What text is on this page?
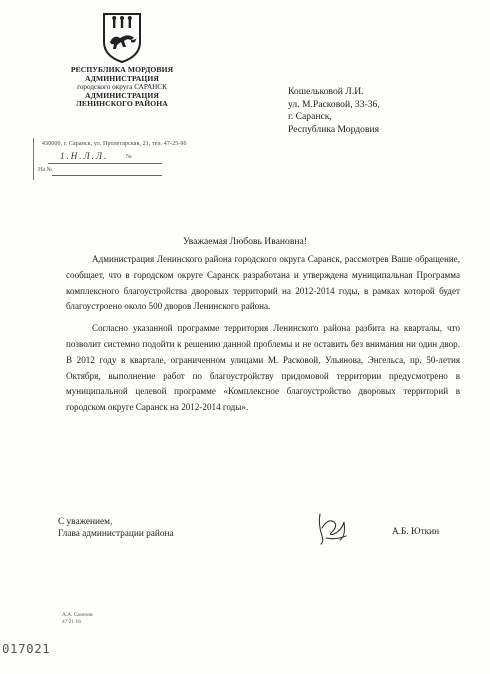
РЕСПУБЛИКА МОРДОВИЯ
АДМИНИСТРАЦИЯ
городского округа САРАНСК
АДМИНИСТРАЦИЯ
ЛЕНИНСКОГО РАЙОНА
430000, г. Саранск, ул. Пролетарская, 21, тел. 47-25-96
1.Н.Л.Л.	№
На №
Кошельковой Л.И.
ул. М.Расковой, 33-36,
г. Саранск,
Республика Мордовия
Уважаемая Любовь Ивановна!

Администрация Ленинского района городского округа Саранск, рассмотрев Ваше обращение, сообщает, что в городском округе Саранск разработана и утверждена муниципальная Программа комплексного благоустройства дворовых территорий на 2012-2014 годы, в рамках которой будет благоустроено около 500 дворов Ленинского района.

Согласно указанной программе территория Ленинского района разбита на кварталы, что позволит системно подойти к решению данной проблемы и не оставить без внимания ни один двор. В 2012 году в квартале, ограниченном улицами М. Расковой, Ульянова, Энгельса, пр. 50-летия Октября, выполнение работ по благоустройству придомовой территории предусмотрено в муниципальной целевой программе «Комплексное благоустройство дворовых территорий в городском округе Саранск на 2012-2014 годы».

С уважением,
Глава администрации района	А.Б. Юткин
А.А. Салехов
47 21 16
017021
